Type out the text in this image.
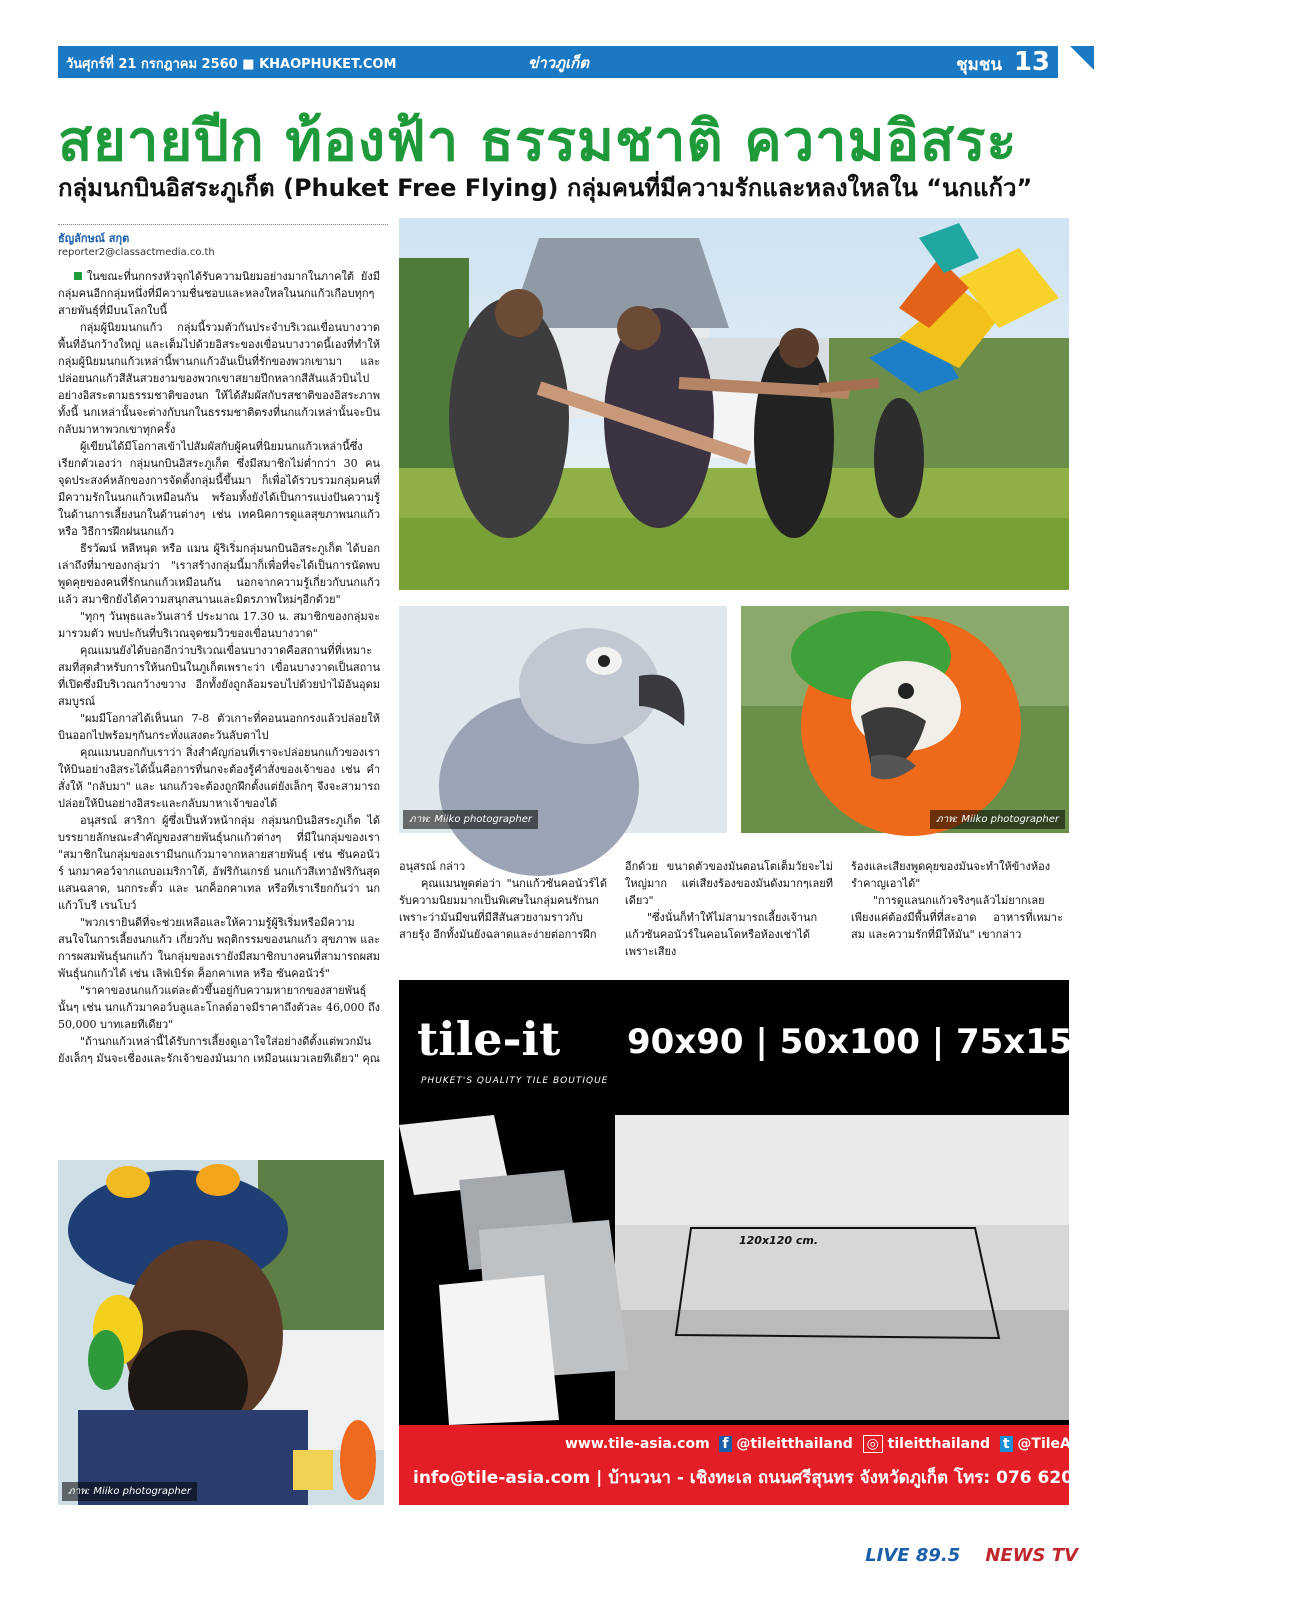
วันศุกร์ที่ 21 กรกฎาคม 2560 ■ KHAOPHUKET.COM	ข่าวภูเก็ต	ชุมชน 13
สยายปีก ท้องฟ้า ธรรมชาติ ความอิสระ
กลุ่มนกบินอิสระภูเก็ต (Phuket Free Flying) กลุ่มคนที่มีความรักและหลงใหลใน “นกแก้ว”
ธัญลักษณ์ สกุต
reporter2@classactmedia.co.th

ในขณะที่นกกรงหัวจุกได้รับความนิยมอย่างมากในภาคใต้ ยังมีกลุ่มคนอีกกลุ่มหนึ่งที่มีความชื่นชอบและหลงใหลในนกแก้วเกือบทุกๆ สายพันธุ์ที่มีบนโลกใบนี้

กลุ่มผู้นิยมนกแก้ว กลุ่มนี้รวมตัวกันประจำบริเวณเขื่อนบางวาด พื้นที่อันกว้างใหญ่ และเต็มไปด้วยอิสระของเขื่อนบางวาดนี้เองที่ทำให้กลุ่มผู้นิยมนกแก้วเหล่านี้พานกแก้วอันเป็นที่รักของพวกเขามา และปล่อยนกแก้วสีสันสวยงามของพวกเขาสยายปีกหลากสีสันแล้วบินไปอย่างอิสระตามธรรมชาติของนก ให้ได้สัมผัสกับรสชาติของอิสระภาพ ทั้งนี้ นกเหล่านั้นจะต่างกับนกในธรรมชาติตรงที่นกแก้วเหล่านั้นจะบินกลับมาหาพวกเขาทุกครั้ง

ผู้เขียนได้มีโอกาสเข้าไปสัมผัสกับผู้คนที่นิยมนกแก้วเหล่านี้ซึ่งเรียกตัวเองว่า กลุ่มนกบินอิสระภูเก็ต ซึ่งมีสมาชิกไม่ต่ำกว่า 30 คน จุดประสงค์หลักของการจัดตั้งกลุ่มนี้ขึ้นมา ก็เพื่อได้รวบรวมกลุ่มคนที่มีความรักในนกแก้วเหมือนกัน พร้อมทั้งยังได้เป็นการแบ่งปันความรู้ในด้านการเลี้ยงนกในด้านต่างๆ เช่น เทคนิคการดูแลสุขภาพนกแก้ว หรือ วิธีการฝึกฝนนกแก้ว

ธีรวัฒน์ หลีหนุด หรือ แมน ผู้ริเริ่มกลุ่มนกบินอิสระภูเก็ต ได้บอกเล่าถึงที่มาของกลุ่มว่า "เราสร้างกลุ่มนี้มาก็เพื่อที่จะได้เป็นการนัดพบพูดคุยของคนที่รักนกแก้วเหมือนกัน นอกจากความรู้เกี่ยวกับนกแก้วแล้ว สมาชิกยังได้ความสนุกสนานและมิตรภาพใหม่ๆอีกด้วย"

"ทุกๆ วันพุธและวันเสาร์ ประมาณ 17.30 น. สมาชิกของกลุ่มจะมารวมตัว พบปะกันที่บริเวณจุดชมวิวของเขื่อนบางวาด"

คุณแมนยังได้บอกอีกว่าบริเวณเขื่อนบางวาดคือสถานที่ที่เหมาะสมที่สุดสำหรับการให้นกบินในภูเก็ตเพราะว่า เขื่อนบางวาดเป็นสถานที่เปิดซึ่งมีบริเวณกว้างขวาง อีกทั้งยังถูกล้อมรอบไปด้วยป่าไม้อันอุดมสมบูรณ์

"ผมมีโอกาสได้เห็นนก 7-8 ตัวเกาะที่คอนนอกกรงแล้วปล่อยให้บินออกไปพร้อมๆกันกระทั่งแสงตะวันลับตาไป

คุณแมนบอกกับเราว่า สิ่งสำคัญก่อนที่เราจะปล่อยนกแก้วของเราให้บินอย่างอิสระได้นั้นคือการที่นกจะต้องรู้คำสั่งของเจ้าของ เช่น คำสั่งให้ "กลับมา" และ นกแก้วจะต้องถูกฝึกตั้งแต่ยังเล็กๆ จึงจะสามารถปล่อยให้บินอย่างอิสระและกลับมาหาเจ้าของได้

อนุสรณ์ สาริกา ผู้ซึ่งเป็นหัวหน้ากลุ่ม กลุ่มนกบินอิสระภูเก็ต ได้บรรยายลักษณะสำคัญของสายพันธุ์นกแก้วต่างๆ ที่มีในกลุ่มของเรา "สมาชิกในกลุ่มของเรามีนกแก้วมาจากหลายสายพันธุ์ เช่น ซันคอนัวร์ นกมาคอว์จากแถบอเมริกาใต้, อัฟริกันเกรย์ นกแก้วสีเทาอัฟริกันสุดแสนฉลาด, นกกระตั้ว และ นกค็อกคาเทล หรือที่เราเรียกกันว่า นกแก้วโบรี เรนโบว์

"พวกเรายินดีที่จะช่วยเหลือและให้ความรู้ผู้ริเริ่มหรือมีความสนใจในการเลี้ยงนกแก้ว เกี่ยวกับ พฤติกรรมของนกแก้ว สุขภาพ และการผสมพันธุ์นกแก้ว ในกลุ่มของเรายังมีสมาชิกบางคนที่สามารถผสมพันธุ์นกแก้วได้ เช่น เลิฟเบิร์ด ค็อกคาเทล หรือ ซันคอนัวร์"

"ราคาของนกแก้วแต่ละตัวขึ้นอยู่กับความหายากของสายพันธุ์นั้นๆ เช่น นกแก้วมาคอว์บลูและโกลด์อาจมีราคาถึงตัวละ 46,000 ถึง 50,000 บาทเลยทีเดียว"

"ถ้านกแก้วเหล่านี้ได้รับการเลี้ยงดูเอาใจใส่อย่างดีตั้งแต่พวกมันยังเล็กๆ มันจะเชื่องและรักเจ้าของมันมาก เหมือนแมวเลยทีเดียว" คุณ

อนุสรณ์ กล่าว

คุณแมนพูดต่อว่า "นกแก้วซันคอนัวร์ได้รับความนิยมมากเป็นพิเศษในกลุ่มคนรักนกเพราะว่ามันมีขนที่มีสีสันสวยงามราวกับสายรุ้ง อีกทั้งมันยังฉลาดและง่ายต่อการฝึก

อีกด้วย ขนาดตัวของมันตอนโตเต็มวัยจะไม่ใหญ่มาก แต่เสียงร้องของมันดังมากๆเลยทีเดียว"

"ซึ่งนั่นก็ทำให้ไม่สามารถเลี้ยงเจ้านกแก้วซันคอนัวร์ในคอนโดหรือห้องเช่าได้ เพราะเสียง

ร้องและเสียงพูดคุยของมันจะทำให้ข้างห้องรำคาญเอาได้"

"การดูแลนกแก้วจริงๆแล้วไม่ยากเลย เพียงแค่ต้องมีพื้นที่ที่สะอาด อาหารที่เหมาะสม และความรักที่มีให้มัน" เขากล่าว

ภาพ: Miiko photographer	ภาพ: Miiko photographer
ภาพ: Miiko photographer
tile-it
PHUKET'S QUALITY TILE BOUTIQUE
90x90 | 50x100 | 75x150 | 120x120
120x120 cm.
www.tile-asia.com f @tileitthailand ◎ tileitthailand t @TileAsia
info@tile-asia.com | บ้านวนา - เชิงทะเล ถนนศรีสุนทร จังหวัดภูเก็ต โทร: 076 620 168
LIVE 89.5 NEWS TV
